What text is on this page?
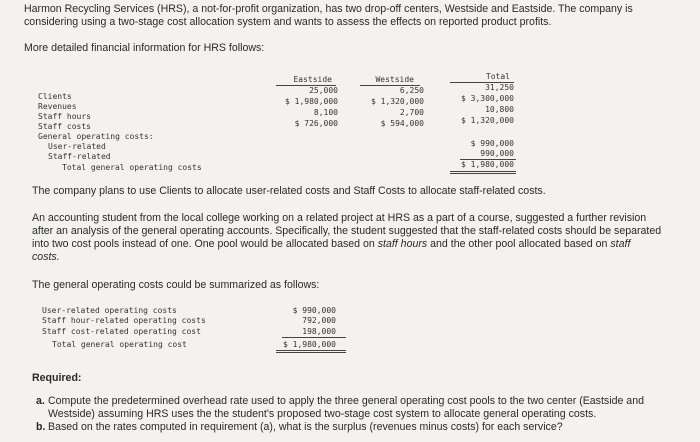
Harmon Recycling Services (HRS), a not-for-profit organization, has two drop-off centers, Westside and Eastside. The company is
considering using a two-stage cost allocation system and wants to assess the effects on reported product profits.
More detailed financial information for HRS follows:
Eastside	Westside	Total
Clients
Revenues
Staff hours
Staff costs
General operating costs:
User-related
Staff-related
Total general operating costs
25,000
$ 1,980,000
8,100
$ 726,000
6,250
$ 1,320,000
2,700
$ 594,000
31,250
$ 3,300,000
10,800
$ 1,320,000
$ 990,000
990,000
$ 1,980,000
The company plans to use Clients to allocate user-related costs and Staff Costs to allocate staff-related costs.
An accounting student from the local college working on a related project at HRS as a part of a course, suggested a further revision
after an analysis of the general operating accounts. Specifically, the student suggested that the staff-related costs should be separated
into two cost pools instead of one. One pool would be allocated based on staff hours and the other pool allocated based on staff
costs.
The general operating costs could be summarized as follows:
User-related operating costs
Staff hour-related operating costs
Staff cost-related operating cost
Total general operating cost
$ 990,000
792,000
198,000
$ 1,980,000
Required:
a. Compute the predetermined overhead rate used to apply the three general operating cost pools to the two center (Eastside and
Westside) assuming HRS uses the the student's proposed two-stage cost system to allocate general operating costs.
b. Based on the rates computed in requirement (a), what is the surplus (revenues minus costs) for each service?
